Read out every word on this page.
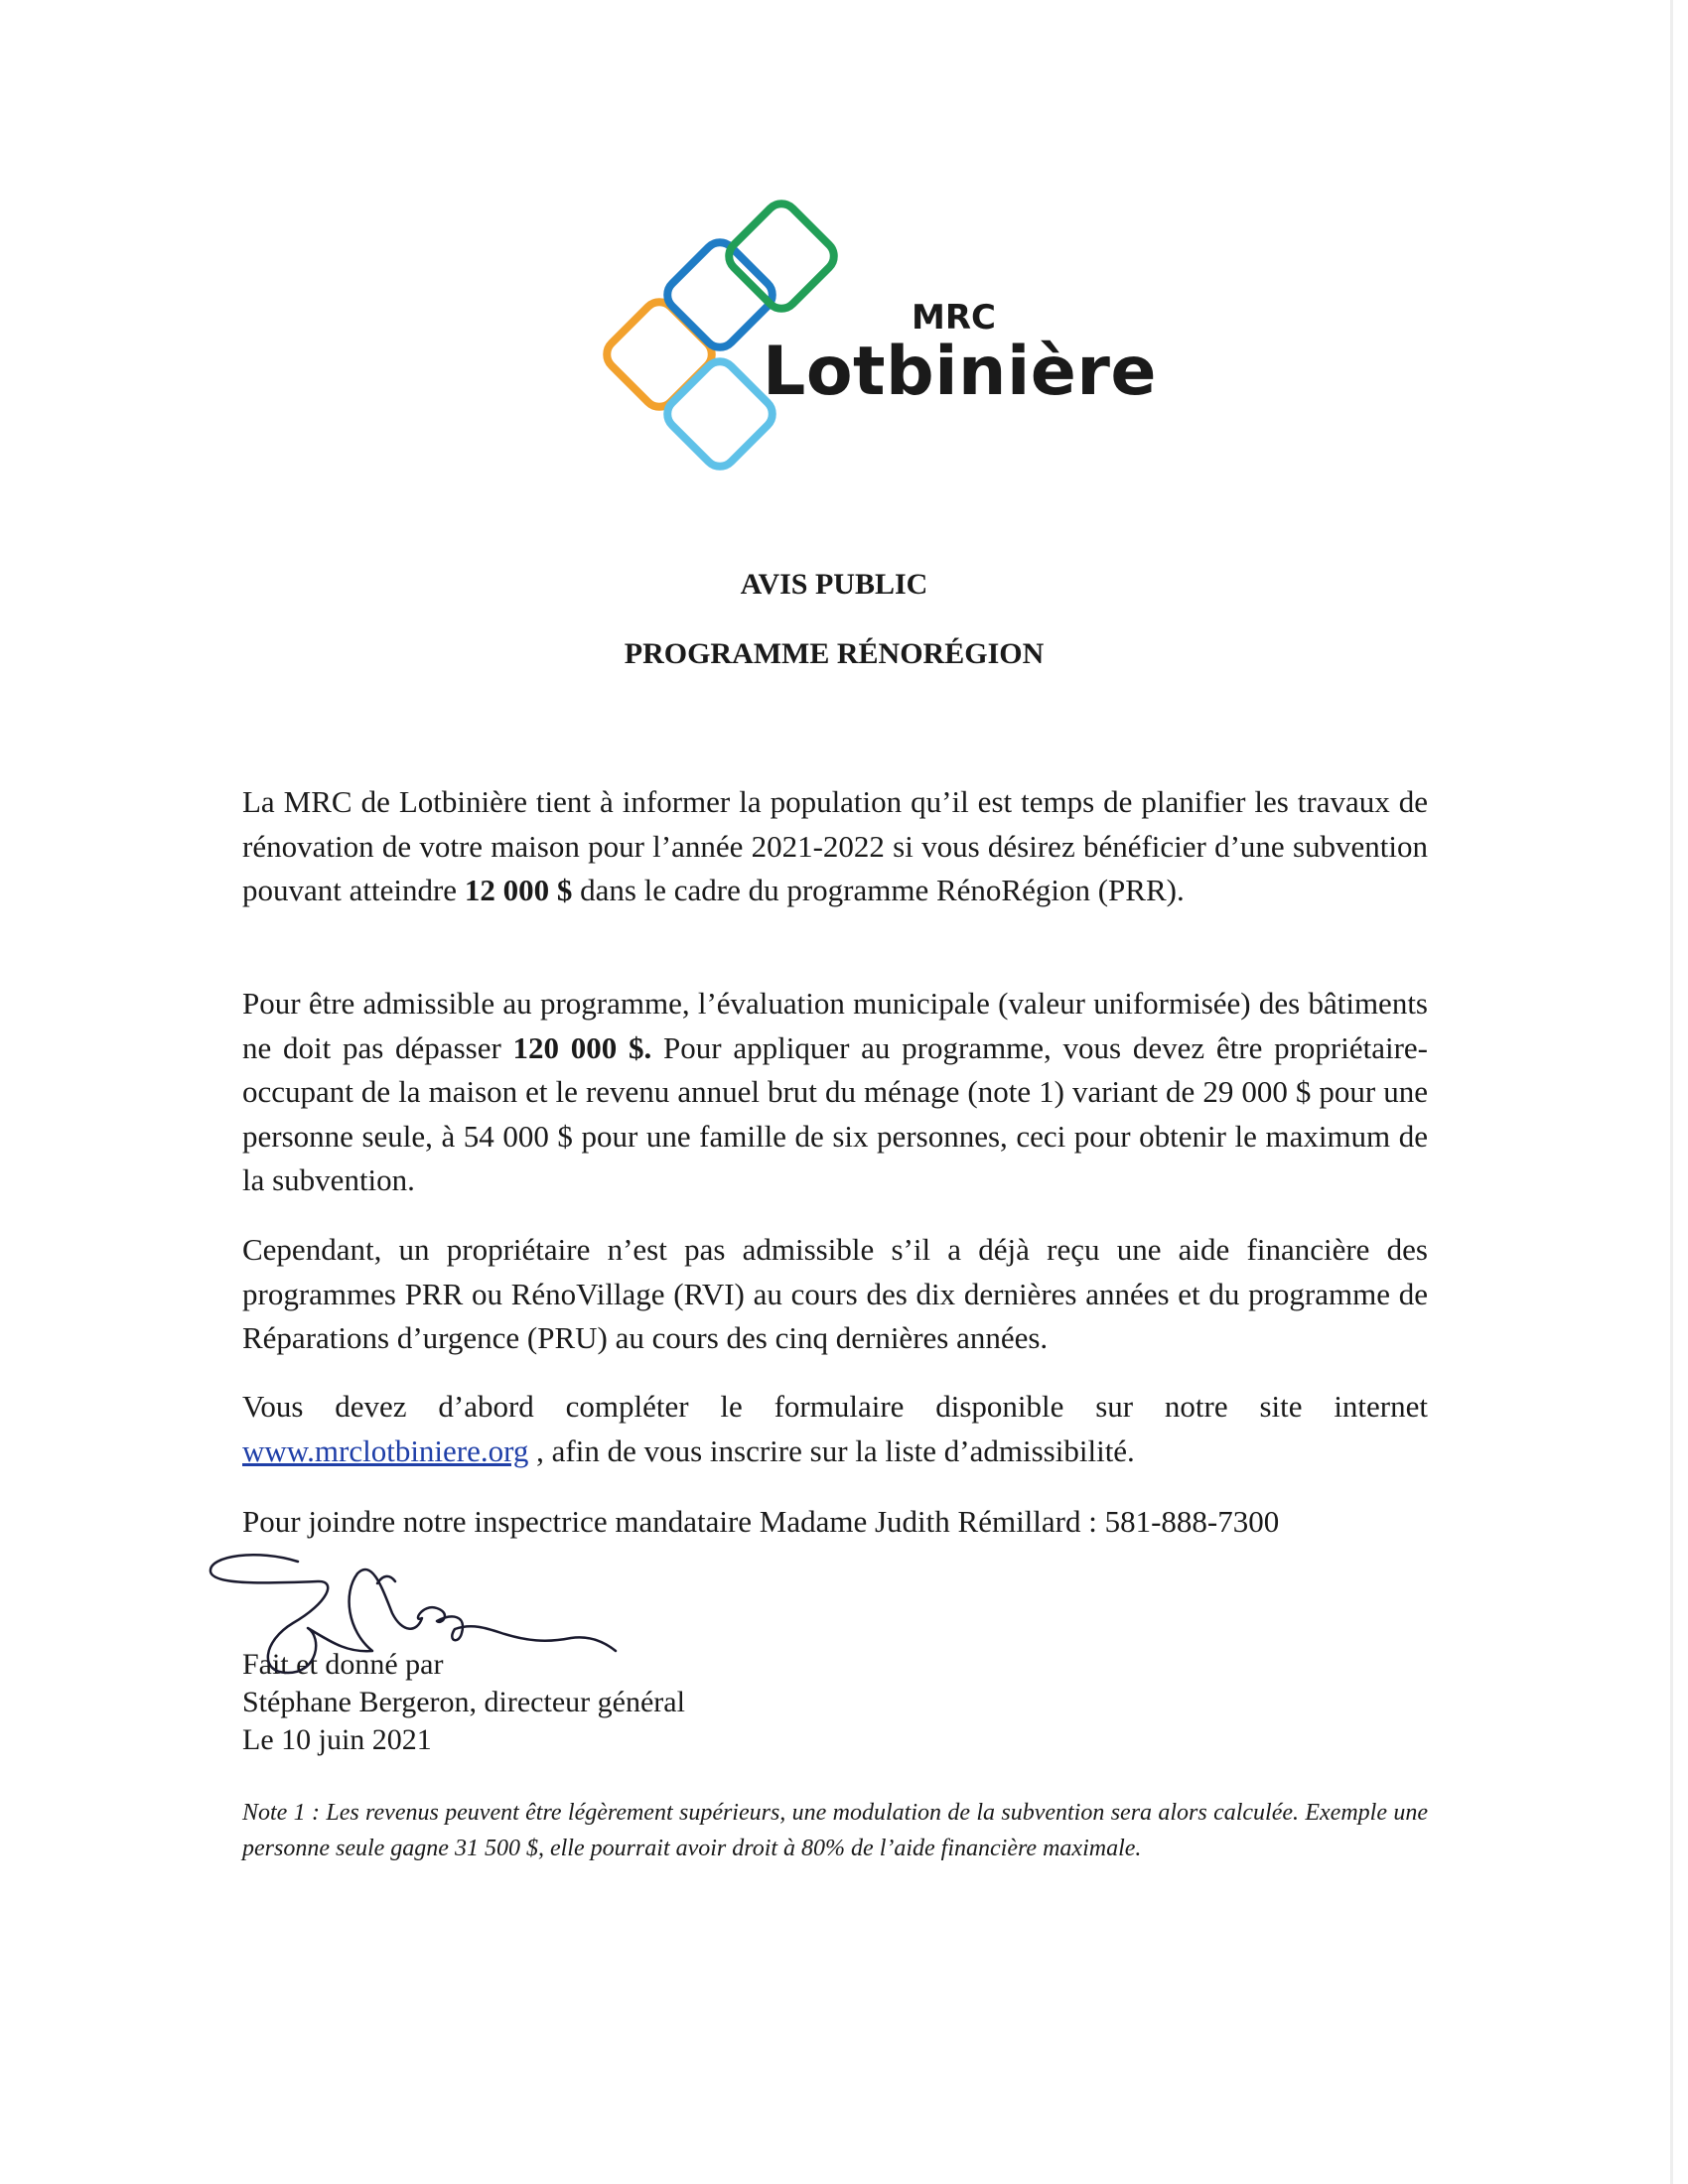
MRC
Lotbinière
AVIS PUBLIC
PROGRAMME RÉNORÉGION

La MRC de Lotbinière tient à informer la population qu’il est temps de planifier les travaux de rénovation de votre maison pour l’année 2021-2022 si vous désirez bénéficier d’une subvention pouvant atteindre 12 000 $ dans le cadre du programme RénoRégion (PRR).

Pour être admissible au programme, l’évaluation municipale (valeur uniformisée) des bâtiments ne doit pas dépasser 120 000 $. Pour appliquer au programme, vous devez être propriétaire-occupant de la maison et le revenu annuel brut du ménage (note 1) variant de 29 000 $ pour une personne seule, à 54 000 $ pour une famille de six personnes, ceci pour obtenir le maximum de la subvention.

Cependant, un propriétaire n’est pas admissible s’il a déjà reçu une aide financière des programmes PRR ou RénoVillage (RVI) au cours des dix dernières années et du programme de Réparations d’urgence (PRU) au cours des cinq dernières années.

Vous devez d’abord compléter le formulaire disponible sur notre site internet www.mrclotbiniere.org , afin de vous inscrire sur la liste d’admissibilité.

Pour joindre notre inspectrice mandataire Madame Judith Rémillard : 581-888-7300

Fait et donné par
Stéphane Bergeron, directeur général
Le 10 juin 2021

Note 1 : Les revenus peuvent être légèrement supérieurs, une modulation de la subvention sera alors calculée. Exemple une personne seule gagne 31 500 $, elle pourrait avoir droit à 80% de l’aide financière maximale.
